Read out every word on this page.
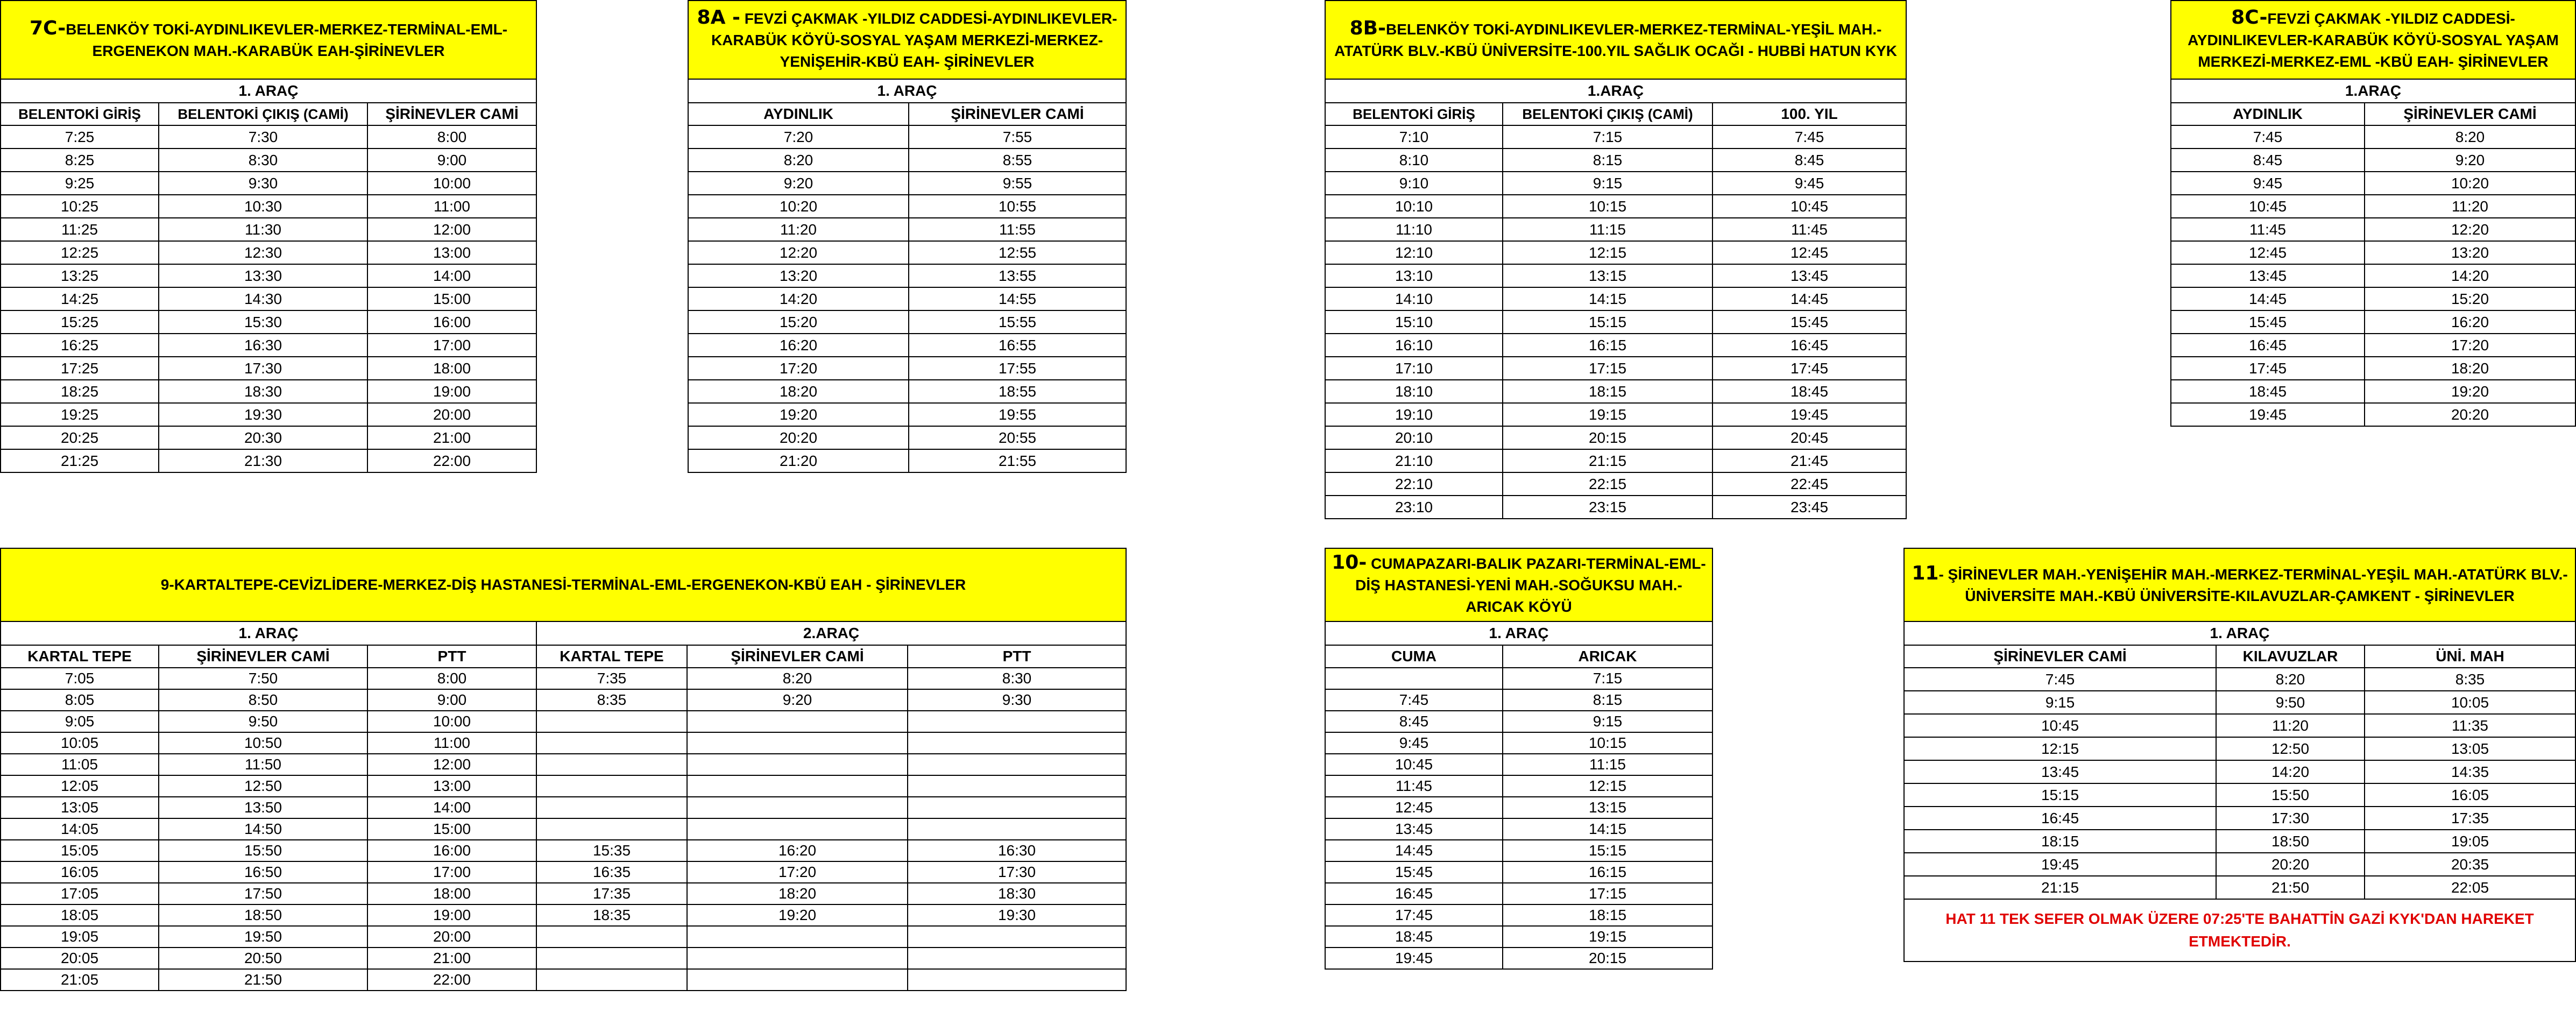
7C-BELENKÖY TOKİ-AYDINLIKEVLER-MERKEZ-TERMİNAL-EML-ERGENEKON MAH.-KARABÜK EAH-ŞİRİNEVLER		
1. ARAÇ		
BELENTOKİ GİRİŞ	BELENTOKİ ÇIKIŞ (CAMİ)	ŞİRİNEVLER CAMİ
7:25	7:30	8:00
8:25	8:30	9:00
9:25	9:30	10:00
10:25	10:30	11:00
11:25	11:30	12:00
12:25	12:30	13:00
13:25	13:30	14:00
14:25	14:30	15:00
15:25	15:30	16:00
16:25	16:30	17:00
17:25	17:30	18:00
18:25	18:30	19:00
19:25	19:30	20:00
20:25	20:30	21:00
21:25	21:30	22:00
8A - FEVZİ ÇAKMAK -YILDIZ CADDESİ-AYDINLIKEVLER-KARABÜK KÖYÜ-SOSYAL YAŞAM MERKEZİ-MERKEZ-YENİŞEHİR-KBÜ EAH- ŞİRİNEVLER	
1. ARAÇ	
AYDINLIK	ŞİRİNEVLER CAMİ
7:20	7:55
8:20	8:55
9:20	9:55
10:20	10:55
11:20	11:55
12:20	12:55
13:20	13:55
14:20	14:55
15:20	15:55
16:20	16:55
17:20	17:55
18:20	18:55
19:20	19:55
20:20	20:55
21:20	21:55
8B-BELENKÖY TOKİ-AYDINLIKEVLER-MERKEZ-TERMİNAL-YEŞİL MAH.-ATATÜRK BLV.-KBÜ ÜNİVERSİTE-100.YIL SAĞLIK OCAĞI - HUBBİ HATUN KYK		
1.ARAÇ		
BELENTOKİ GİRİŞ	BELENTOKİ ÇIKIŞ (CAMİ)	100. YIL
7:10	7:15	7:45
8:10	8:15	8:45
9:10	9:15	9:45
10:10	10:15	10:45
11:10	11:15	11:45
12:10	12:15	12:45
13:10	13:15	13:45
14:10	14:15	14:45
15:10	15:15	15:45
16:10	16:15	16:45
17:10	17:15	17:45
18:10	18:15	18:45
19:10	19:15	19:45
20:10	20:15	20:45
21:10	21:15	21:45
22:10	22:15	22:45
23:10	23:15	23:45
8C-FEVZİ ÇAKMAK -YILDIZ CADDESİ-AYDINLIKEVLER-KARABÜK KÖYÜ-SOSYAL YAŞAM MERKEZİ-MERKEZ-EML -KBÜ EAH- ŞİRİNEVLER	
1.ARAÇ	
AYDINLIK	ŞİRİNEVLER CAMİ
7:45	8:20
8:45	9:20
9:45	10:20
10:45	11:20
11:45	12:20
12:45	13:20
13:45	14:20
14:45	15:20
15:45	16:20
16:45	17:20
17:45	18:20
18:45	19:20
19:45	20:20
9-KARTALTEPE-CEVİZLİDERE-MERKEZ-DİŞ HASTANESİ-TERMİNAL-EML-ERGENEKON-KBÜ EAH - ŞİRİNEVLER					
1. ARAÇ			2.ARAÇ		
KARTAL TEPE	ŞİRİNEVLER CAMİ	PTT	KARTAL TEPE	ŞİRİNEVLER CAMİ	PTT
7:05	7:50	8:00	7:35	8:20	8:30
8:05	8:50	9:00	8:35	9:20	9:30
9:05	9:50	10:00			
10:05	10:50	11:00			
11:05	11:50	12:00			
12:05	12:50	13:00			
13:05	13:50	14:00			
14:05	14:50	15:00			
15:05	15:50	16:00	15:35	16:20	16:30
16:05	16:50	17:00	16:35	17:20	17:30
17:05	17:50	18:00	17:35	18:20	18:30
18:05	18:50	19:00	18:35	19:20	19:30
19:05	19:50	20:00			
20:05	20:50	21:00			
21:05	21:50	22:00			
10- CUMAPAZARI-BALIK PAZARI-TERMİNAL-EML-DİŞ HASTANESİ-YENİ MAH.-SOĞUKSU MAH.-ARICAK KÖYÜ	
1. ARAÇ	
CUMA	ARICAK
	7:15
7:45	8:15
8:45	9:15
9:45	10:15
10:45	11:15
11:45	12:15
12:45	13:15
13:45	14:15
14:45	15:15
15:45	16:15
16:45	17:15
17:45	18:15
18:45	19:15
19:45	20:15
11- ŞİRİNEVLER MAH.-YENİŞEHİR MAH.-MERKEZ-TERMİNAL-YEŞİL MAH.-ATATÜRK BLV.-ÜNİVERSİTE MAH.-KBÜ ÜNİVERSİTE-KILAVUZLAR-ÇAMKENT - ŞİRİNEVLER		
1. ARAÇ		
ŞİRİNEVLER CAMİ	KILAVUZLAR	ÜNİ. MAH
7:45	8:20	8:35
9:15	9:50	10:05
10:45	11:20	11:35
12:15	12:50	13:05
13:45	14:20	14:35
15:15	15:50	16:05
16:45	17:30	17:35
18:15	18:50	19:05
19:45	20:20	20:35
21:15	21:50	22:05
HAT 11 TEK SEFER OLMAK ÜZERE 07:25'TE BAHATTİN GAZİ KYK'DAN HAREKET ETMEKTEDİR.		
